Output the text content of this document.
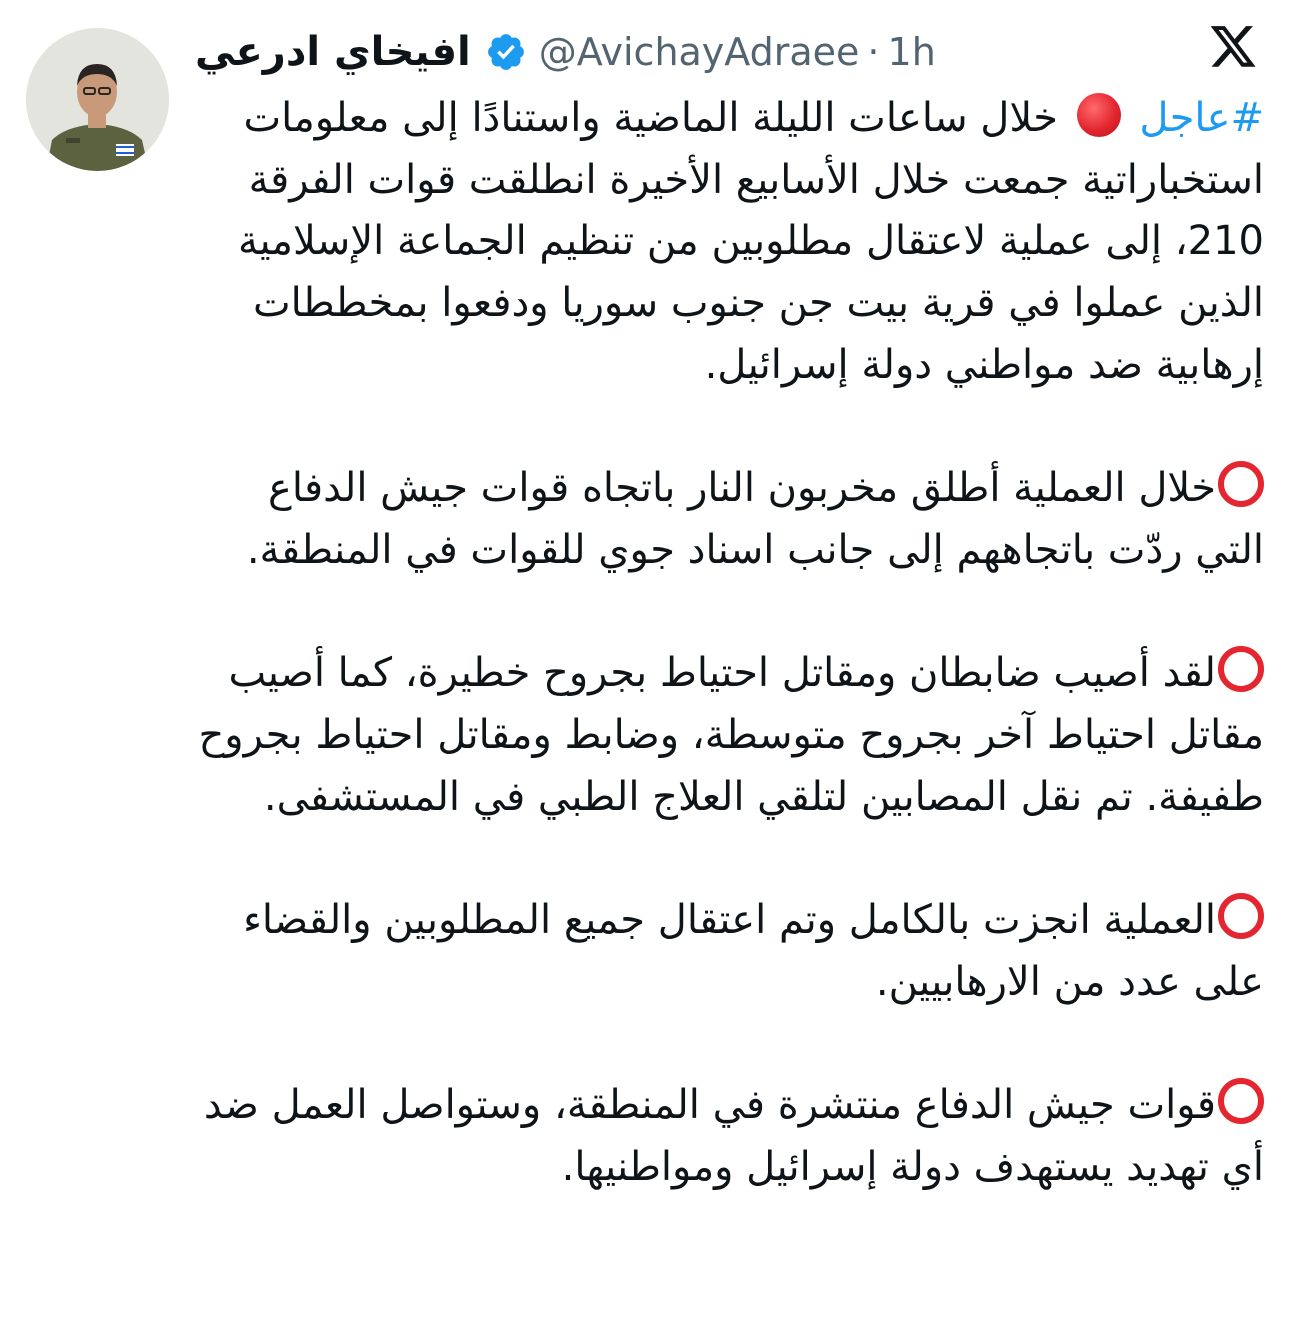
افيخاي ادرعي @AvichayAdraee · 1h

#عاجل  خلال ساعات الليلة الماضية واستنادًا إلى معلومات استخباراتية جمعت خلال الأسابيع الأخيرة انطلقت قوات الفرقة 210، إلى عملية لاعتقال مطلوبين من تنظيم الجماعة الإسلامية الذين عملوا في قرية بيت جن جنوب سوريا ودفعوا بمخططات إرهابية ضد مواطني دولة إسرائيل.

خلال العملية أطلق مخربون النار باتجاه قوات جيش الدفاع التي ردّت باتجاههم إلى جانب اسناد جوي للقوات في المنطقة.

لقد أصيب ضابطان ومقاتل احتياط بجروح خطيرة، كما أصيب مقاتل احتياط آخر بجروح متوسطة، وضابط ومقاتل احتياط بجروح طفيفة. تم نقل المصابين لتلقي العلاج الطبي في المستشفى.

العملية انجزت بالكامل وتم اعتقال جميع المطلوبين والقضاء على عدد من الارهابيين.

قوات جيش الدفاع منتشرة في المنطقة، وستواصل العمل ضد أي تهديد يستهدف دولة إسرائيل ومواطنيها.
